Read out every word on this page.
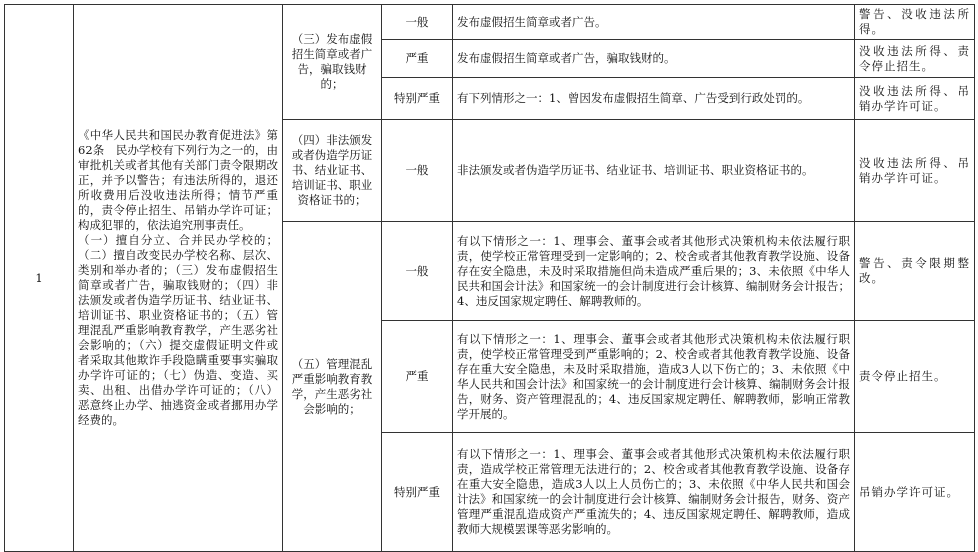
1	《中华人民共和国民办教育促进法》第62条　民办学校有下列行为之一的，由审批机关或者其他有关部门责令限期改正，并予以警告；有违法所得的，退还所收费用后没收违法所得；情节严重的，责令停止招生、吊销办学许可证；构成犯罪的，依法追究刑事责任。
（一）擅自分立、合并民办学校的；（二）擅自改变民办学校名称、层次、类别和举办者的；（三）发布虚假招生简章或者广告，骗取钱财的；（四）非法颁发或者伪造学历证书、结业证书、培训证书、职业资格证书的；（五）管理混乱严重影响教育教学，产生恶劣社会影响的；（六）提交虚假证明文件或者采取其他欺诈手段隐瞒重要事实骗取办学许可证的；（七）伪造、变造、买卖、出租、出借办学许可证的；（八）恶意终止办学、抽逃资金或者挪用办学经费的。	（三）发布虚假招生简章或者广告，骗取钱财的；	一般	发布虚假招生简章或者广告。	警告、没收违法所得。
			严重	发布虚假招生简章或者广告，骗取钱财的。	没收违法所得、责令停止招生。
			特别严重	有下列情形之一：1、曾因发布虚假招生简章、广告受到行政处罚的。	没收违法所得、吊销办学许可证。
		（四）非法颁发或者伪造学历证书、结业证书、培训证书、职业资格证书的；	一般	非法颁发或者伪造学历证书、结业证书、培训证书、职业资格证书的。	没收违法所得、吊销办学许可证。
		（五）管理混乱严重影响教育教学，产生恶劣社会影响的；	一般	有以下情形之一：1、理事会、董事会或者其他形式决策机构未依法履行职责，使学校正常管理受到一定影响的；2、校舍或者其他教育教学设施、设备存在安全隐患，未及时采取措施但尚未造成严重后果的；3、未依照《中华人民共和国会计法》和国家统一的会计制度进行会计核算、编制财务会计报告；4、违反国家规定聘任、解聘教师的。	警告、责令限期整改。
			严重	有以下情形之一：1、理事会、董事会或者其他形式决策机构未依法履行职责，使学校正常管理受到严重影响的；2、校舍或者其他教育教学设施、设备存在重大安全隐患，未及时采取措施，造成3人以下伤亡的；3、未依照《中华人民共和国会计法》和国家统一的会计制度进行会计核算、编制财务会计报告，财务、资产管理混乱的；4、违反国家规定聘任、解聘教师，影响正常教学开展的。	责令停止招生。
			特别严重	有以下情形之一：1、理事会、董事会或者其他形式决策机构未依法履行职责，造成学校正常管理无法进行的；2、校舍或者其他教育教学设施、设备存在重大安全隐患，造成3人以上人员伤亡的；3、未依照《中华人民共和国会计法》和国家统一的会计制度进行会计核算、编制财务会计报告，财务、资产管理严重混乱造成资产严重流失的；4、违反国家规定聘任、解聘教师，造成教师大规模罢课等恶劣影响的。	吊销办学许可证。
